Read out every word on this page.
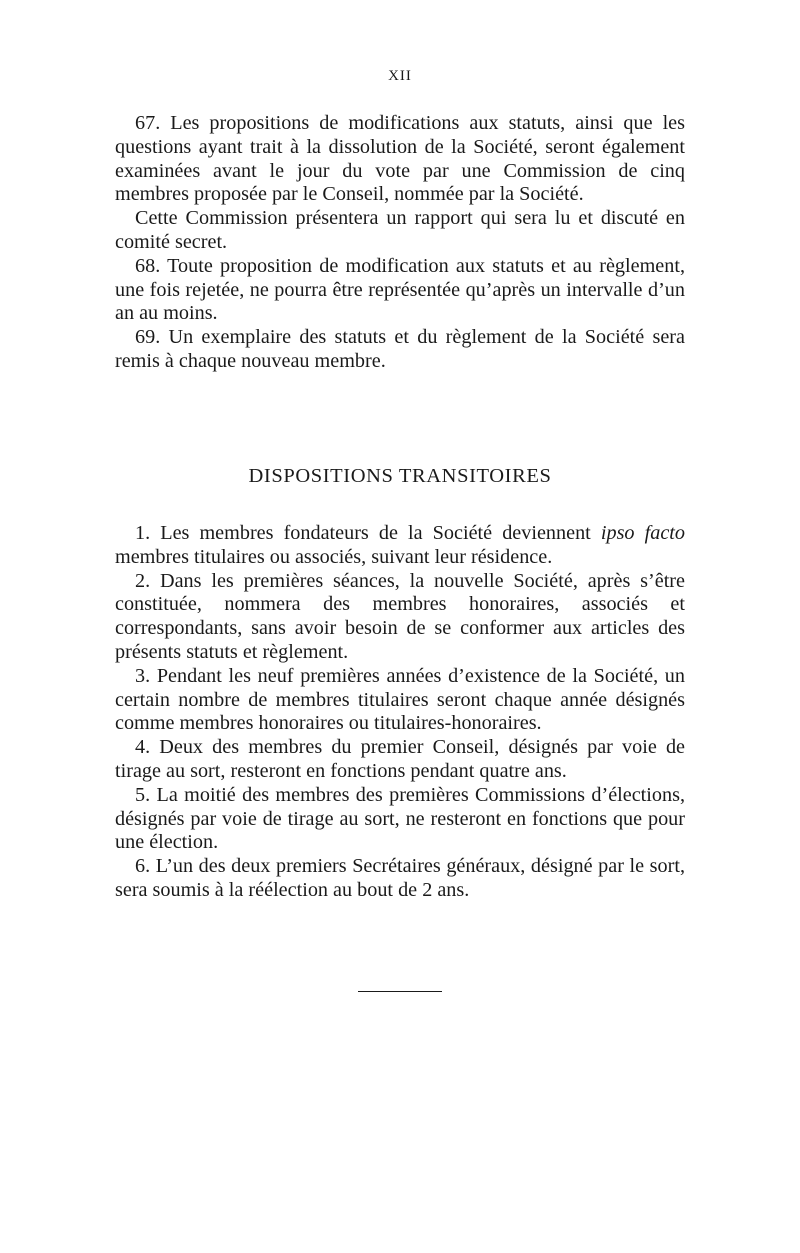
XII

67. Les propositions de modifications aux statuts, ainsi que les questions ayant trait à la dissolution de la Société, seront également examinées avant le jour du vote par une Commission de cinq membres proposée par le Conseil, nommée par la Société.

Cette Commission présentera un rapport qui sera lu et discuté en comité secret.

68. Toute proposition de modification aux statuts et au règlement, une fois rejetée, ne pourra être représentée qu’après un intervalle d’un an au moins.

69. Un exemplaire des statuts et du règlement de la Société sera remis à chaque nouveau membre.

DISPOSITIONS TRANSITOIRES

1. Les membres fondateurs de la Société deviennent ipso facto membres titulaires ou associés, suivant leur résidence.

2. Dans les premières séances, la nouvelle Société, après s’être constituée, nommera des membres honoraires, associés et correspondants, sans avoir besoin de se conformer aux articles des présents statuts et règlement.

3. Pendant les neuf premières années d’existence de la Société, un certain nombre de membres titulaires seront chaque année désignés comme membres honoraires ou titulaires-honoraires.

4. Deux des membres du premier Conseil, désignés par voie de tirage au sort, resteront en fonctions pendant quatre ans.

5. La moitié des membres des premières Commissions d’élections, désignés par voie de tirage au sort, ne resteront en fonctions que pour une élection.

6. L’un des deux premiers Secrétaires généraux, désigné par le sort, sera soumis à la réélection au bout de 2 ans.
